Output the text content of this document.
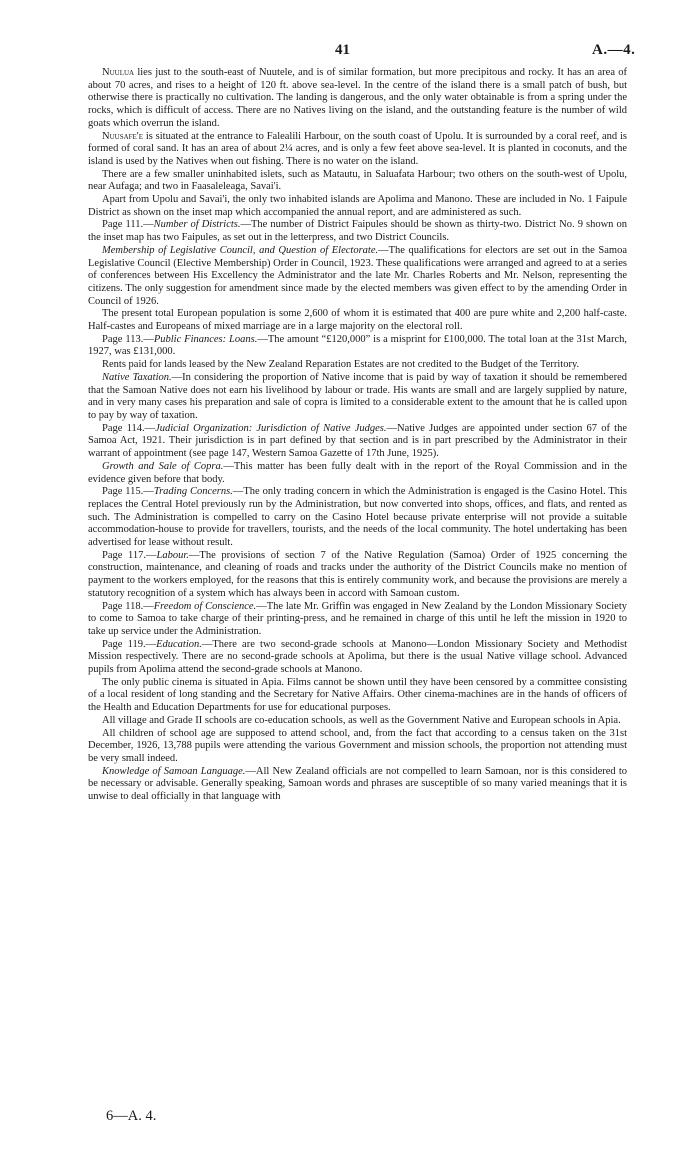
41	A.—4.

Nuulua lies just to the south-east of Nuutele, and is of similar formation, but more precipitous and rocky. It has an area of about 70 acres, and rises to a height of 120 ft. above sea-level. In the centre of the island there is a small patch of bush, but otherwise there is practically no cultivation. The landing is dangerous, and the only water obtainable is from a spring under the rocks, which is difficult of access. There are no Natives living on the island, and the outstanding feature is the number of wild goats which overrun the island.

Nuusafe'e is situated at the entrance to Falealili Harbour, on the south coast of Upolu. It is surrounded by a coral reef, and is formed of coral sand. It has an area of about 2¼ acres, and is only a few feet above sea-level. It is planted in coconuts, and the island is used by the Natives when out fishing. There is no water on the island.

There are a few smaller uninhabited islets, such as Matautu, in Saluafata Harbour; two others on the south-west of Upolu, near Aufaga; and two in Faasaleleaga, Savai'i.

Apart from Upolu and Savai'i, the only two inhabited islands are Apolima and Manono. These are included in No. 1 Faipule District as shown on the inset map which accompanied the annual report, and are administered as such.

Page 111.—Number of Districts.—The number of District Faipules should be shown as thirty-two. District No. 9 shown on the inset map has two Faipules, as set out in the letterpress, and two District Councils.

Membership of Legislative Council, and Question of Electorate.—The qualifications for electors are set out in the Samoa Legislative Council (Elective Membership) Order in Council, 1923. These qualifications were arranged and agreed to at a series of conferences between His Excellency the Administrator and the late Mr. Charles Roberts and Mr. Nelson, representing the citizens. The only suggestion for amendment since made by the elected members was given effect to by the amending Order in Council of 1926.

The present total European population is some 2,600 of whom it is estimated that 400 are pure white and 2,200 half-caste. Half-castes and Europeans of mixed marriage are in a large majority on the electoral roll.

Page 113.—Public Finances: Loans.—The amount “£120,000” is a misprint for £100,000. The total loan at the 31st March, 1927, was £131,000.

Rents paid for lands leased by the New Zealand Reparation Estates are not credited to the Budget of the Territory.

Native Taxation.—In considering the proportion of Native income that is paid by way of taxation it should be remembered that the Samoan Native does not earn his livelihood by labour or trade. His wants are small and are largely supplied by nature, and in very many cases his preparation and sale of copra is limited to a considerable extent to the amount that he is called upon to pay by way of taxation.

Page 114.—Judicial Organization: Jurisdiction of Native Judges.—Native Judges are appointed under section 67 of the Samoa Act, 1921. Their jurisdiction is in part defined by that section and is in part prescribed by the Administrator in their warrant of appointment (see page 147, Western Samoa Gazette of 17th June, 1925).

Growth and Sale of Copra.—This matter has been fully dealt with in the report of the Royal Commission and in the evidence given before that body.

Page 115.—Trading Concerns.—The only trading concern in which the Administration is engaged is the Casino Hotel. This replaces the Central Hotel previously run by the Administration, but now converted into shops, offices, and flats, and rented as such. The Administration is compelled to carry on the Casino Hotel because private enterprise will not provide a suitable accommodation-house to provide for travellers, tourists, and the needs of the local community. The hotel undertaking has been advertised for lease without result.

Page 117.—Labour.—The provisions of section 7 of the Native Regulation (Samoa) Order of 1925 concerning the construction, maintenance, and cleaning of roads and tracks under the authority of the District Councils make no mention of payment to the workers employed, for the reasons that this is entirely community work, and because the provisions are merely a statutory recognition of a system which has always been in accord with Samoan custom.

Page 118.—Freedom of Conscience.—The late Mr. Griffin was engaged in New Zealand by the London Missionary Society to come to Samoa to take charge of their printing-press, and he remained in charge of this until he left the mission in 1920 to take up service under the Administration.

Page 119.—Education.—There are two second-grade schools at Manono—London Missionary Society and Methodist Mission respectively. There are no second-grade schools at Apolima, but there is the usual Native village school. Advanced pupils from Apolima attend the second-grade schools at Manono.

The only public cinema is situated in Apia. Films cannot be shown until they have been censored by a committee consisting of a local resident of long standing and the Secretary for Native Affairs. Other cinema-machines are in the hands of officers of the Health and Education Departments for use for educational purposes.

All village and Grade II schools are co-education schools, as well as the Government Native and European schools in Apia.

All children of school age are supposed to attend school, and, from the fact that according to a census taken on the 31st December, 1926, 13,788 pupils were attending the various Government and mission schools, the proportion not attending must be very small indeed.

Knowledge of Samoan Language.—All New Zealand officials are not compelled to learn Samoan, nor is this considered to be necessary or advisable. Generally speaking, Samoan words and phrases are susceptible of so many varied meanings that it is unwise to deal officially in that language with

6—A. 4.
